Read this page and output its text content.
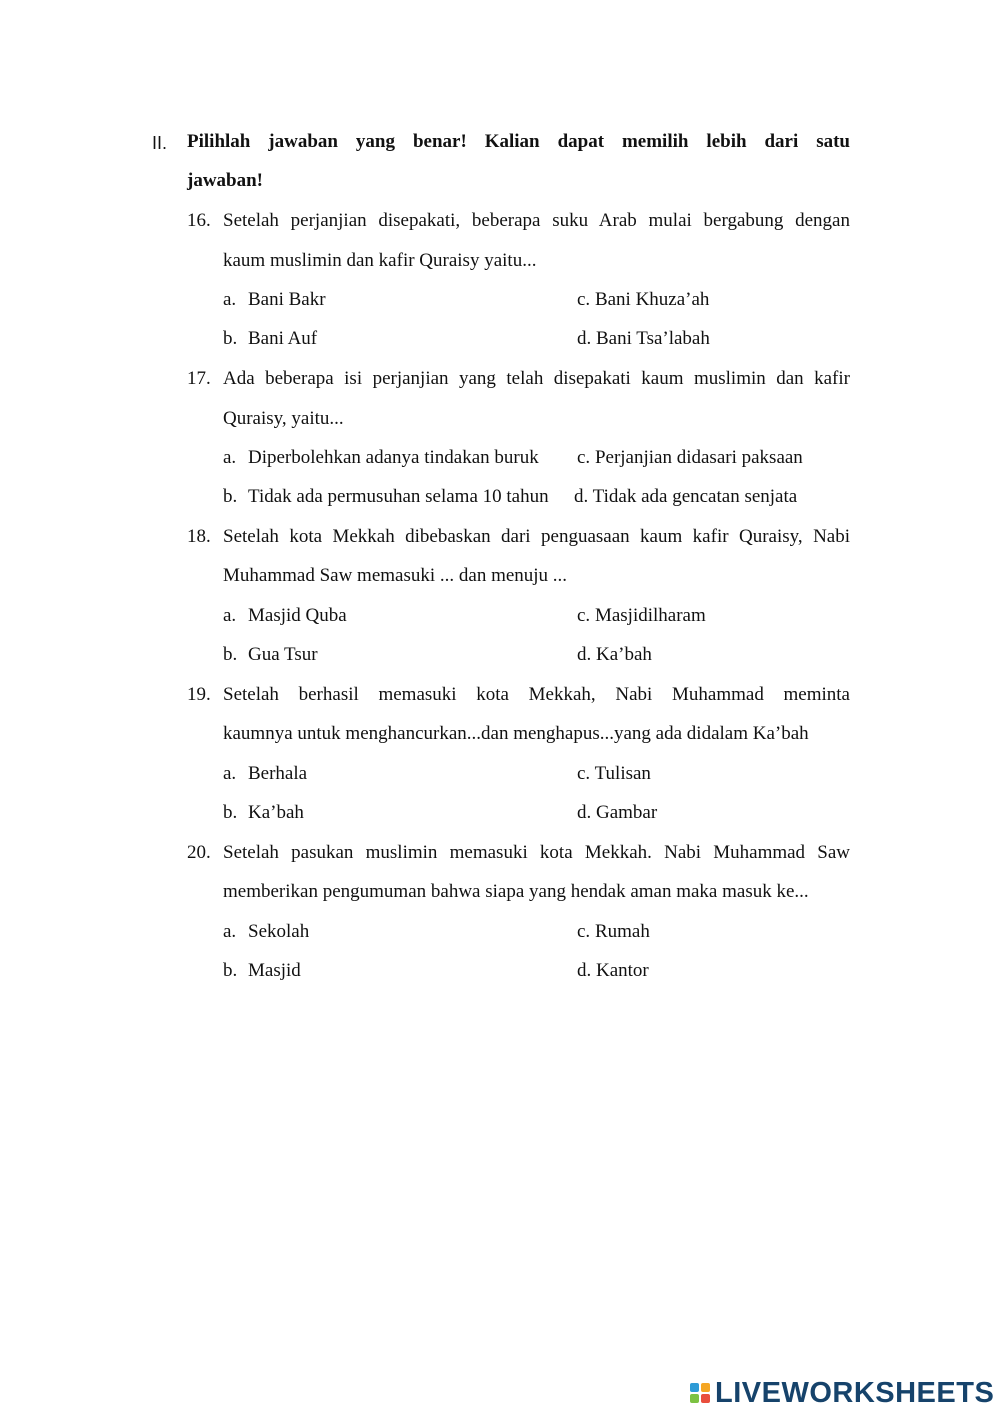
II. Pilihlah jawaban yang benar! Kalian dapat memilih lebih dari satu
jawaban!
16. Setelah perjanjian disepakati, beberapa suku Arab mulai bergabung dengan
kaum muslimin dan kafir Quraisy yaitu...
a. Bani Bakr	c. Bani Khuza’ah
b. Bani Auf	d. Bani Tsa’labah
17. Ada beberapa isi perjanjian yang telah disepakati kaum muslimin dan kafir
Quraisy, yaitu...
a. Diperbolehkan adanya tindakan buruk c. Perjanjian didasari paksaan
b. Tidak ada permusuhan selama 10 tahun d. Tidak ada gencatan senjata
18. Setelah kota Mekkah dibebaskan dari penguasaan kaum kafir Quraisy, Nabi
Muhammad Saw memasuki ... dan menuju ...
a. Masjid Quba	c. Masjidilharam
b. Gua Tsur	d. Ka’bah
19. Setelah berhasil memasuki kota Mekkah, Nabi Muhammad meminta
kaumnya untuk menghancurkan...dan menghapus...yang ada didalam Ka’bah
a. Berhala	c. Tulisan
b. Ka’bah	d. Gambar
20. Setelah pasukan muslimin memasuki kota Mekkah. Nabi Muhammad Saw
memberikan pengumuman bahwa siapa yang hendak aman maka masuk ke...
a. Sekolah	c. Rumah
b. Masjid	d. Kantor
LIVEWORKSHEETS
